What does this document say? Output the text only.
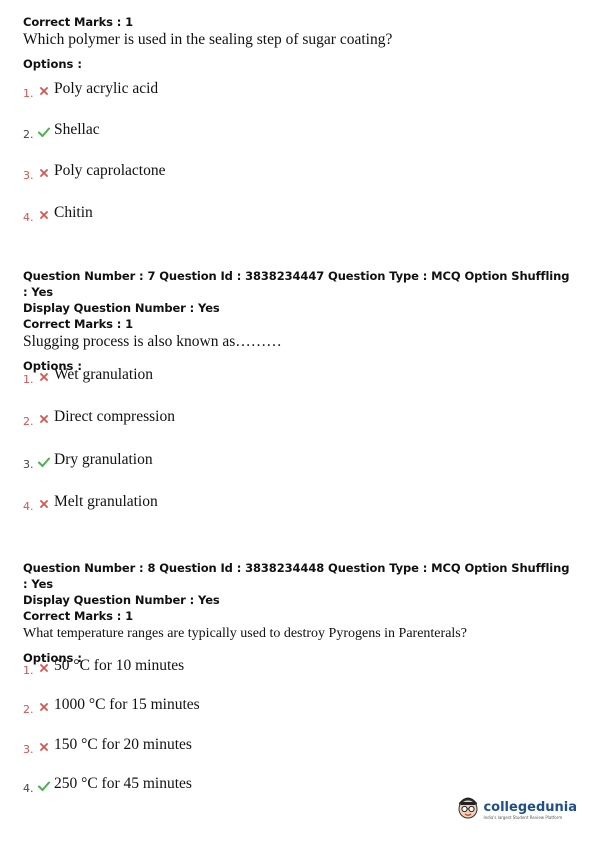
Correct Marks : 1
Which polymer is used in the sealing step of sugar coating?
Options :
1. Poly acrylic acid
2. Shellac
3. Poly caprolactone
4. Chitin
Question Number : 7 Question Id : 3838234447 Question Type : MCQ Option Shuffling : Yes
Display Question Number : Yes
Correct Marks : 1
Slugging process is also known as………
Options :
1. Wet granulation
2. Direct compression
3. Dry granulation
4. Melt granulation
Question Number : 8 Question Id : 3838234448 Question Type : MCQ Option Shuffling : Yes
Display Question Number : Yes
Correct Marks : 1
What temperature ranges are typically used to destroy Pyrogens in Parenterals?
Options :
1. 50 °C for 10 minutes
2. 1000 °C for 15 minutes
3. 150 °C for 20 minutes
4. 250 °C for 45 minutes
collegedunia
India's largest Student Review Platform
